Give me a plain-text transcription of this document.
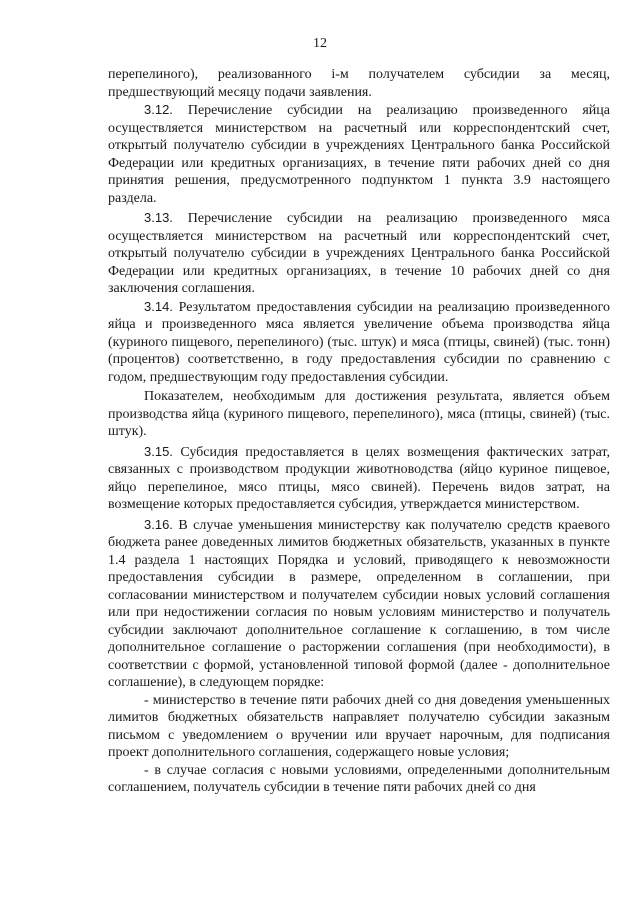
12

перепелиного), реализованного i-м получателем субсидии за месяц, предшествующий месяцу подачи заявления.

3.12. Перечисление субсидии на реализацию произведенного яйца осуществляется министерством на расчетный или корреспондентский счет, открытый получателю субсидии в учреждениях Центрального банка Российской Федерации или кредитных организациях, в течение пяти рабочих дней со дня принятия решения, предусмотренного подпунктом 1 пункта 3.9 настоящего раздела.

3.13. Перечисление субсидии на реализацию произведенного мяса осуществляется министерством на расчетный или корреспондентский счет, открытый получателю субсидии в учреждениях Центрального банка Российской Федерации или кредитных организациях, в течение 10 рабочих дней со дня заключения соглашения.

3.14. Результатом предоставления субсидии на реализацию произведенного яйца и произведенного мяса является увеличение объема производства яйца (куриного пищевого, перепелиного) (тыс. штук) и мяса (птицы, свиней) (тыс. тонн) (процентов) соответственно, в году предоставления субсидии по сравнению с годом, предшествующим году предоставления субсидии.

Показателем, необходимым для достижения результата, является объем производства яйца (куриного пищевого, перепелиного), мяса (птицы, свиней) (тыс. штук).

3.15. Субсидия предоставляется в целях возмещения фактических затрат, связанных с производством продукции животноводства (яйцо куриное пищевое, яйцо перепелиное, мясо птицы, мясо свиней). Перечень видов затрат, на возмещение которых предоставляется субсидия, утверждается министерством.

3.16. В случае уменьшения министерству как получателю средств краевого бюджета ранее доведенных лимитов бюджетных обязательств, указанных в пункте 1.4 раздела 1 настоящих Порядка и условий, приводящего к невозможности предоставления субсидии в размере, определенном в соглашении, при согласовании министерством и получателем субсидии новых условий соглашения или при недостижении согласия по новым условиям министерство и получатель субсидии заключают дополнительное соглашение к соглашению, в том числе дополнительное соглашение о расторжении соглашения (при необходимости), в соответствии с формой, установленной типовой формой (далее - дополнительное соглашение), в следующем порядке:

- министерство в течение пяти рабочих дней со дня доведения уменьшенных лимитов бюджетных обязательств направляет получателю субсидии заказным письмом с уведомлением о вручении или вручает нарочным, для подписания проект дополнительного соглашения, содержащего новые условия;

- в случае согласия с новыми условиями, определенными дополнительным соглашением, получатель субсидии в течение пяти рабочих дней со дня
